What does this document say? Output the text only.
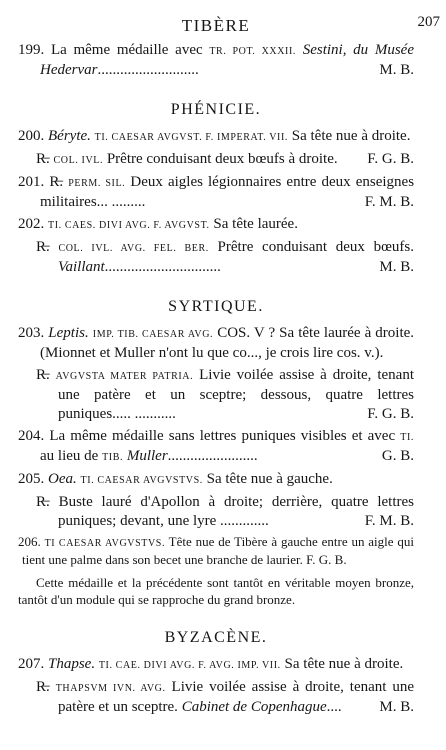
207
TIBÈRE
199. La même médaille avec TR. POT. XXXII. Sestini, du Musée Hedervar...........................	M. B.
PHÉNICIE.
200. Béryte. TI. CAESAR AVGVST. F. IMPERAT. VII. Sa tête nue à droite.
R̶. COL. IVL. Prêtre conduisant deux bœufs à droite. F. G. B.
201. R̶. PERM. SIL. Deux aigles légionnaires entre deux enseignes militaires... .........	F. M. B.
202. TI. CAES. DIVI AVG. F. AVGVST. Sa tête laurée.
R̶. COL. IVL. AVG. FEL. BER. Prêtre conduisant deux bœufs. Vaillant...............................	M. B.
SYRTIQUE.
203. Leptis. IMP. TIB. CAESAR AVG. COS. V ? Sa tête laurée à droite. (Mionnet et Muller n'ont lu que co..., je crois lire cos. v.).
R̶. AVGVSTA MATER PATRIA. Livie voilée assise à droite, tenant une patère et un sceptre; dessous, quatre lettres puniques..... ...........	F. G. B.
204. La même médaille sans lettres puniques visibles et avec TI. au lieu de TIB. Muller........................	G. B.
205. Oea. TI. CAESAR AVGVSTVS. Sa tête nue à gauche.
R̶. Buste lauré d'Apollon à droite; derrière, quatre lettres puniques; devant, une lyre .............	F. M. B.
206. TI CAESAR AVGVSTVS. Tête nue de Tibère à gauche entre un aigle qui tient une palme dans son becet une branche de laurier. F. G. B.
Cette médaille et la précédente sont tantôt en véritable moyen bronze, tantôt d'un module qui se rapproche du grand bronze.
BYZACÈNE.
207. Thapse. TI. CAE. DIVI AVG. F. AVG. IMP. VII. Sa tête nue à droite.
R̶. THAPSVM IVN. AVG. Livie voilée assise à droite, tenant une patère et un sceptre. Cabinet de Copenhague....	M. B.
